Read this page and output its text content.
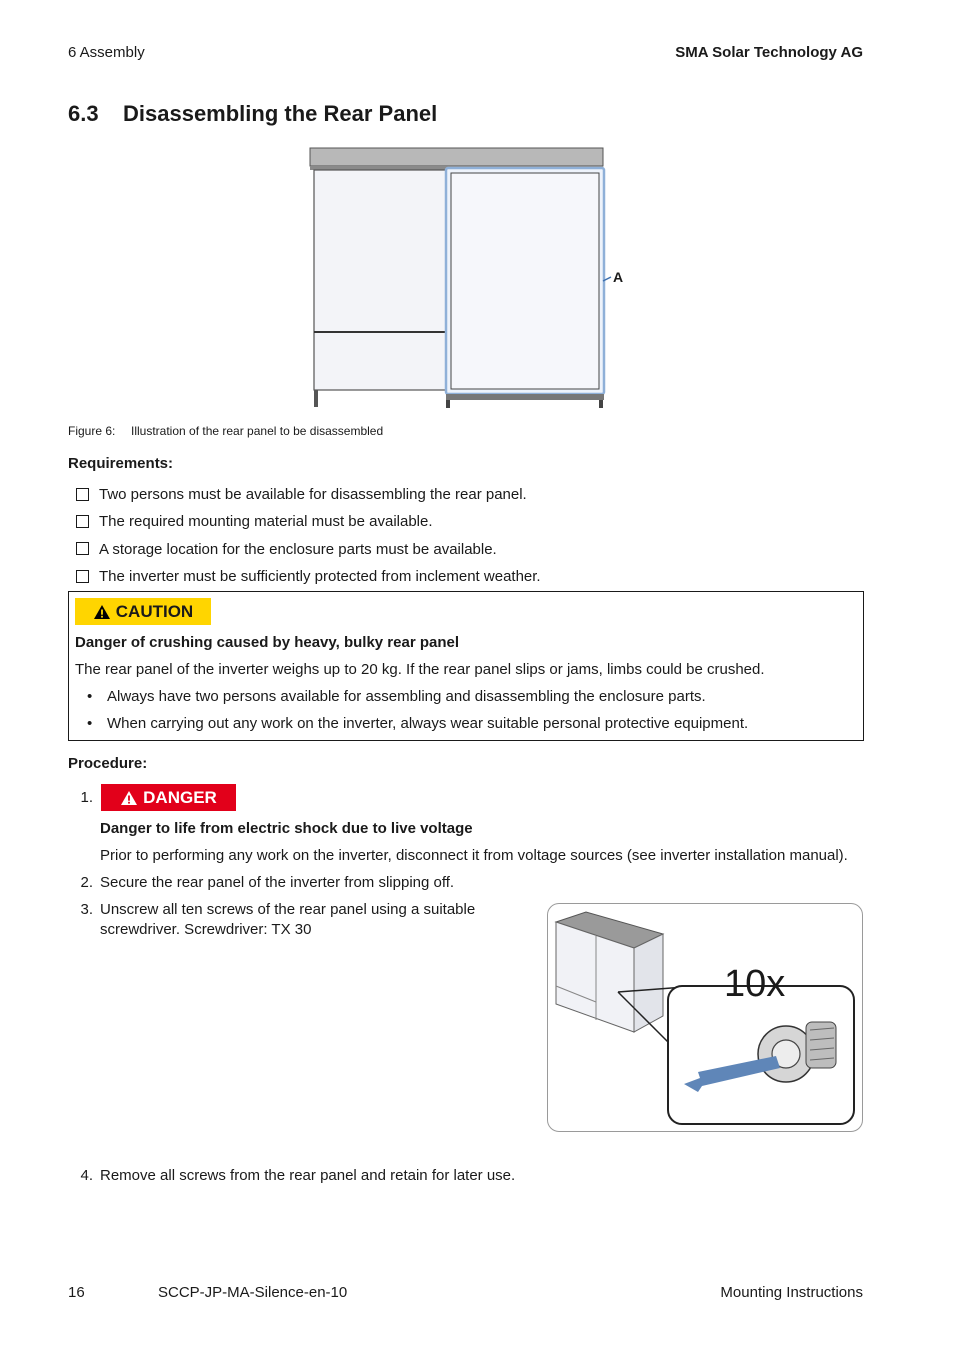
6 Assembly	SMA Solar Technology AG
6.3 Disassembling the Rear Panel
A
Figure 6: Illustration of the rear panel to be disassembled
Requirements:
Two persons must be available for disassembling the rear panel.
The required mounting material must be available.
A storage location for the enclosure parts must be available.
The inverter must be sufficiently protected from inclement weather.
CAUTION
Danger of crushing caused by heavy, bulky rear panel
The rear panel of the inverter weighs up to 20 kg. If the rear panel slips or jams, limbs could be crushed.
• Always have two persons available for assembling and disassembling the enclosure parts.
• When carrying out any work on the inverter, always wear suitable personal protective equipment.
Procedure:
1.	DANGER
Danger to life from electric shock due to live voltage
Prior to performing any work on the inverter, disconnect it from voltage sources (see inverter installation manual).
2. Secure the rear panel of the inverter from slipping off.
3. Unscrew all ten screws of the rear panel using a suitable
screwdriver. Screwdriver: TX 30
10x
4. Remove all screws from the rear panel and retain for later use.
16	SCCP-JP-MA-Silence-en-10	Mounting Instructions
